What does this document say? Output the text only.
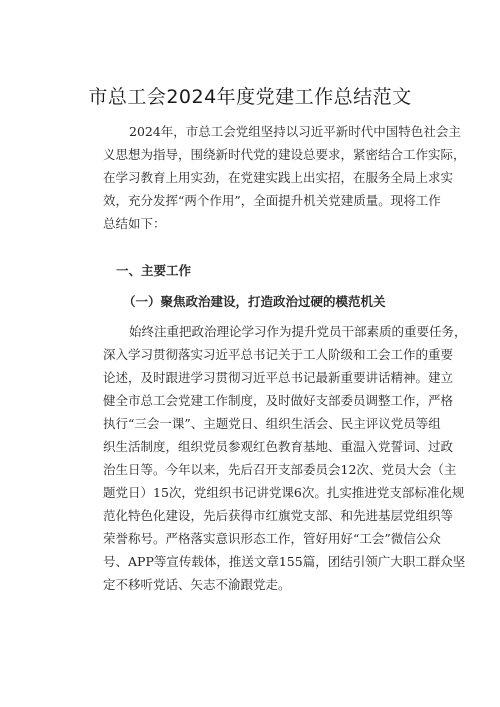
市总工会2024年度党建工作总结范文
2024年，市总工会党组坚持以习近平新时代中国特色社会主
义思想为指导，围绕新时代党的建设总要求，紧密结合工作实际，
在学习教育上用实劲，在党建实践上出实招，在服务全局上求实
效，充分发挥“两个作用”，全面提升机关党建质量。现将工作
总结如下：
一、主要工作
（一）聚焦政治建设，打造政治过硬的模范机关
始终注重把政治理论学习作为提升党员干部素质的重要任务，
深入学习贯彻落实习近平总书记关于工人阶级和工会工作的重要
论述，及时跟进学习贯彻习近平总书记最新重要讲话精神。建立
健全市总工会党建工作制度，及时做好支部委员调整工作，严格
执行“三会一课”、主题党日、组织生活会、民主评议党员等组
织生活制度，组织党员参观红色教育基地、重温入党誓词、过政
治生日等。今年以来，先后召开支部委员会12次、党员大会（主
题党日）15次，党组织书记讲党课6次。扎实推进党支部标准化规
范化特色化建设，先后获得市红旗党支部、和先进基层党组织等
荣誉称号。严格落实意识形态工作，管好用好“工会”微信公众
号、APP等宣传载体，推送文章155篇，团结引领广大职工群众坚
定不移听党话、矢志不渝跟党走。
